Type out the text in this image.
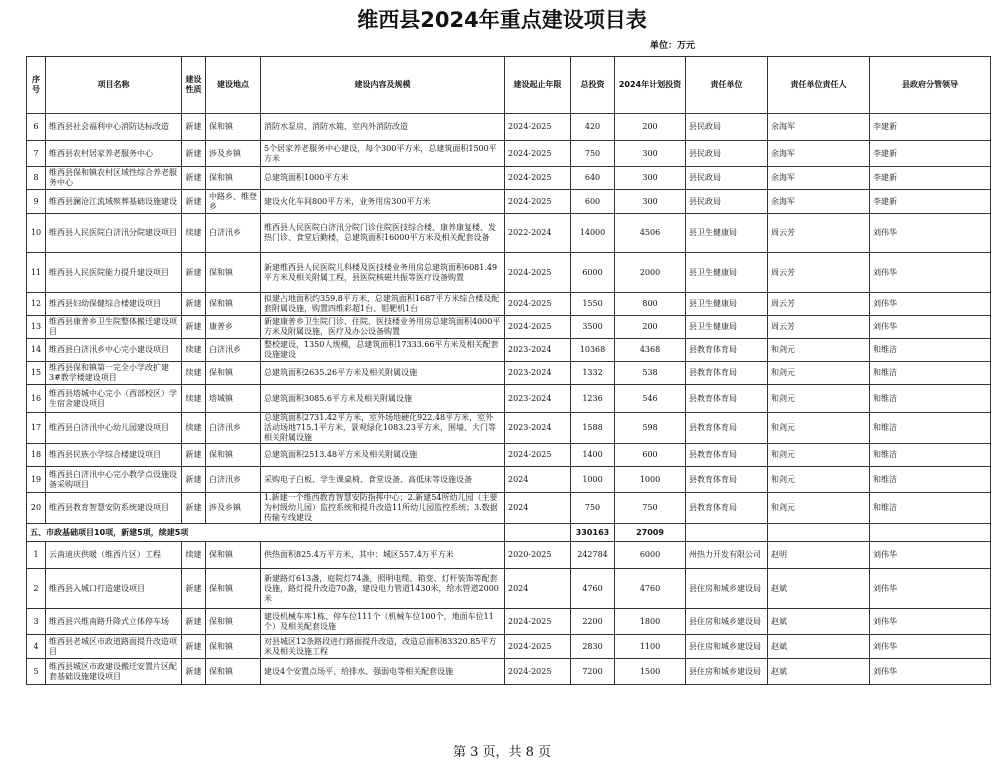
维西县2024年重点建设项目表
单位：万元
序号	项目名称	建设性质	建设地点	建设内容及规模	建设起止年限	总投资	2024年计划投资	责任单位	责任单位责任人	县政府分管领导
6	维西县社会福利中心消防达标改造	新建	保和镇	消防水泵房、消防水箱、室内外消防改造	2024-2025	420	200	县民政局	余海军	李建新
7	维西县农村居家养老服务中心	新建	涉及乡镇	5个居家养老服务中心建设，每个300平方米，总建筑面积1500平方米	2024-2025	750	300	县民政局	余海军	李建新
8	维西县保和镇农村区域性综合养老服务中心	新建	保和镇	总建筑面积1000平方米	2024-2025	640	300	县民政局	余海军	李建新
9	维西县澜沧江流域殡葬基础设施建设	新建	中路乡、维登乡	建设火化车间800平方米，业务用房300平方米	2024-2025	600	300	县民政局	余海军	李建新
10	维西县人民医院白济汛分院建设项目	续建	白济汛乡	维西县人民医院白济汛分院门诊住院医技综合楼、康养康复楼、发热门诊、食堂后勤楼，总建筑面积16000平方米及相关配套设备	2022-2024	14000	4506	县卫生健康局	周云芳	刘伟华
11	维西县人民医院能力提升建设项目	新建	保和镇	新建维西县人民医院儿科楼及医技楼业务用房总建筑面积6081.49平方米及相关附属工程，县医院核磁共振等医疗设备购置	2024-2025	6000	2000	县卫生健康局	周云芳	刘伟华
12	维西县妇幼保健综合楼建设项目	新建	保和镇	拟建占地面积约359.8平方米，总建筑面积1687平方米综合楼及配套附属设施，购置四维彩超1台、钼靶机1台	2024-2025	1550	800	县卫生健康局	周云芳	刘伟华
13	维西县康普乡卫生院整体搬迁建设项目	新建	康普乡	新建康普乡卫生院门诊、住院、医技楼业务用房总建筑面积4000平方米及附属设施，医疗及办公设备购置	2024-2025	3500	200	县卫生健康局	周云芳	刘伟华
14	维西县白济汛乡中心完小建设项目	续建	白济汛乡	整校建设，1350人规模，总建筑面积17333.66平方米及相关配套设施建设	2023-2024	10368	4368	县教育体育局	和剑元	和维洁
15	维西县保和镇第一完全小学改扩建3#教学楼建设项目	续建	保和镇	总建筑面积2635.26平方米及相关附属设施	2023-2024	1332	538	县教育体育局	和剑元	和维洁
16	维西县塔城中心完小（西部校区）学生宿舍建设项目	续建	塔城镇	总建筑面积3085.6平方米及相关附属设施	2023-2024	1236	546	县教育体育局	和剑元	和维洁
17	维西县白济汛中心幼儿园建设项目	续建	白济汛乡	总建筑面积2731.42平方米，室外场地硬化922.48平方米，室外活动场地715.1平方米，景观绿化1083.23平方米，围墙、大门等相关附属设施	2023-2024	1588	598	县教育体育局	和剑元	和维洁
18	维西县民族小学综合楼建设项目	新建	保和镇	总建筑面积2513.48平方米及相关附属设施	2024-2025	1400	600	县教育体育局	和剑元	和维洁
19	维西县白济汛中心完小教学点设施设备采购项目	新建	白济汛乡	采购电子白板、学生课桌椅、食堂设备、高低床等设施设备	2024	1000	1000	县教育体育局	和剑元	和维洁
20	维西县教育智慧安防系统建设项目	新建	涉及乡镇	1.新建一个维西教育智慧安防指挥中心；2.新建54所幼儿园（主要为村级幼儿园）监控系统和提升改造11所幼儿园监控系统；3.数据传输专线建设	2024	750	750	县教育体育局	和剑元	和维洁
五、市政基础项目10项，新建5项，续建5项						330163	27009			
1	云南迪庆供暖（维西片区）工程	续建	保和镇	供热面积825.4万平方米，其中：城区557.4万平方米	2020-2025	242784	6000	州热力开发有限公司	赵明	刘伟华
2	维西县入城口打造建设项目	新建	保和镇	新建路灯613盏，庭院灯74盏，照明电缆、箱变、灯杆装饰等配套设施，路灯提升改造70盏，建设电力管道1430米，给水管道2000米	2024	4760	4760	县住房和城乡建设局	赵斌	刘伟华
3	维西县兴维南路升降式立体停车场	新建	保和镇	建设机械车库1栋、停车位111个（机械车位100个，地面车位11个）及相关配套设施	2024-2025	2200	1800	县住房和城乡建设局	赵斌	刘伟华
4	维西县老城区市政道路面提升改造项目	新建	保和镇	对县城区12条路段进行路面提升改造，改造总面积83320.85平方米及相关设施工程	2024-2025	2830	1100	县住房和城乡建设局	赵斌	刘伟华
5	维西县城区市政建设搬迁安置片区配套基础设施建设项目	新建	保和镇	建设4个安置点场平、给排水、强弱电等相关配套设施	2024-2025	7200	1500	县住房和城乡建设局	赵斌	刘伟华
第 3 页，共 8 页
